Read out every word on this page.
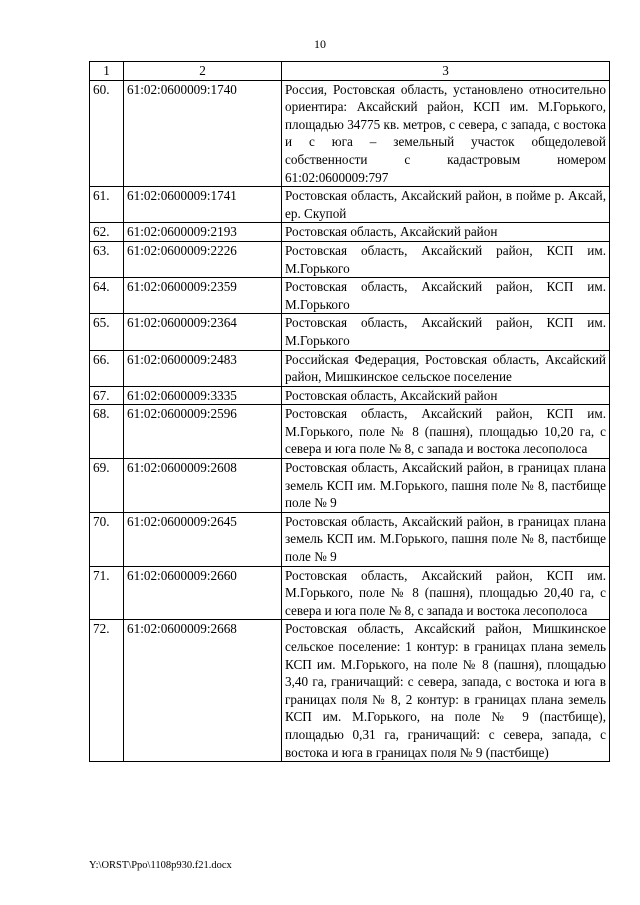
10
1	2	3
60.	61:02:0600009:1740	Россия, Ростовская область, установлено относительно ориентира: Аксайский район, КСП им. М.Горького, площадью 34775 кв. метров, с севера, с запада, с востока и с юга – земельный участок общедолевой собственности с кадастровым номером 61:02:0600009:797
61.	61:02:0600009:1741	Ростовская область, Аксайский район, в пойме р. Аксай, ер. Скупой
62.	61:02:0600009:2193	Ростовская область, Аксайский район
63.	61:02:0600009:2226	Ростовская область, Аксайский район, КСП им. М.Горького
64.	61:02:0600009:2359	Ростовская область, Аксайский район, КСП им. М.Горького
65.	61:02:0600009:2364	Ростовская область, Аксайский район, КСП им. М.Горького
66.	61:02:0600009:2483	Российская Федерация, Ростовская область, Аксайский район, Мишкинское сельское поселение
67.	61:02:0600009:3335	Ростовская область, Аксайский район
68.	61:02:0600009:2596	Ростовская область, Аксайский район, КСП им. М.Горького, поле № 8 (пашня), площадью 10,20 га, с севера и юга поле № 8, с запада и востока лесополоса
69.	61:02:0600009:2608	Ростовская область, Аксайский район, в границах плана земель КСП им. М.Горького, пашня поле № 8, пастбище поле № 9
70.	61:02:0600009:2645	Ростовская область, Аксайский район, в границах плана земель КСП им. М.Горького, пашня поле № 8, пастбище поле № 9
71.	61:02:0600009:2660	Ростовская область, Аксайский район, КСП им. М.Горького, поле № 8 (пашня), площадью 20,40 га, с севера и юга поле № 8, с запада и востока лесополоса
72.	61:02:0600009:2668	Ростовская область, Аксайский район, Мишкинское сельское поселение: 1 контур: в границах плана земель КСП им. М.Горького, на поле № 8 (пашня), площадью 3,40 га, граничащий: с севера, запада, с востока и юга в границах поля № 8, 2 контур: в границах плана земель КСП им. М.Горького, на поле № 9 (пастбище), площадью 0,31 га, граничащий: с севера, запада, с востока и юга в границах поля № 9 (пастбище)
Y:\ORST\Ppo\1108p930.f21.docx
